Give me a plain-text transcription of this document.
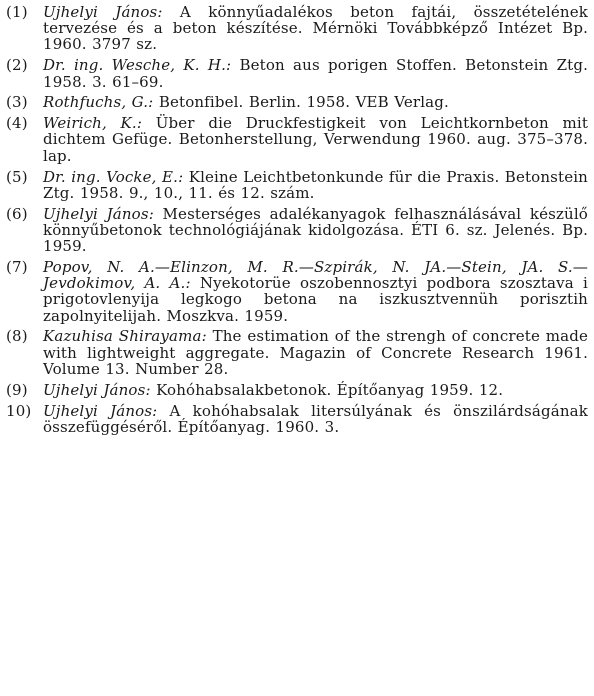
(1)	Ujhelyi János: A könnyűadalékos beton fajtái, összetételének tervezése és a beton készítése. Mérnöki Továbbképző Intézet Bp. 1960. 3797 sz.
(2)	Dr. ing. Wesche, K. H.: Beton aus porigen Stoffen. Betonstein Ztg. 1958. 3. 61–69.
(3)	Rothfuchs, G.: Betonfibel. Berlin. 1958. VEB Verlag.
(4)	Weirich, K.: Über die Druckfestigkeit von Leichtkornbeton mit dichtem Gefüge. Betonherstellung, Verwendung 1960. aug. 375–378. lap.
(5)	Dr. ing. Vocke, E.: Kleine Leichtbetonkunde für die Praxis. Betonstein Ztg. 1958. 9., 10., 11. és 12. szám.
(6)	Ujhelyi János: Mesterséges adalékanyagok felhasználásával készülő könnyűbetonok technológiájának kidolgozása. ÉTI 6. sz. Jelenés. Bp. 1959.
(7)	Popov, N. A.—Elinzon, M. R.—Szpirák, N. JA.—Stein, JA. S.—Jevdokimov, A. A.: Nyekotorüe oszobennosztyi podbora szosztava i prigotovlenyija legkogo betona na iszkusztvennüh porisztih zapolnyitelijah. Moszkva. 1959.
(8)	Kazuhisa Shirayama: The estimation of the strengh of concrete made with lightweight aggregate. Magazin of Concrete Research 1961. Volume 13. Number 28.
(9)	Ujhelyi János: Kohóhabsalakbetonok. Építőanyag 1959. 12.
10) Ujhelyi János: A kohóhabsalak litersúlyának és önszilárdságának összefüggéséről. Építőanyag. 1960. 3.
